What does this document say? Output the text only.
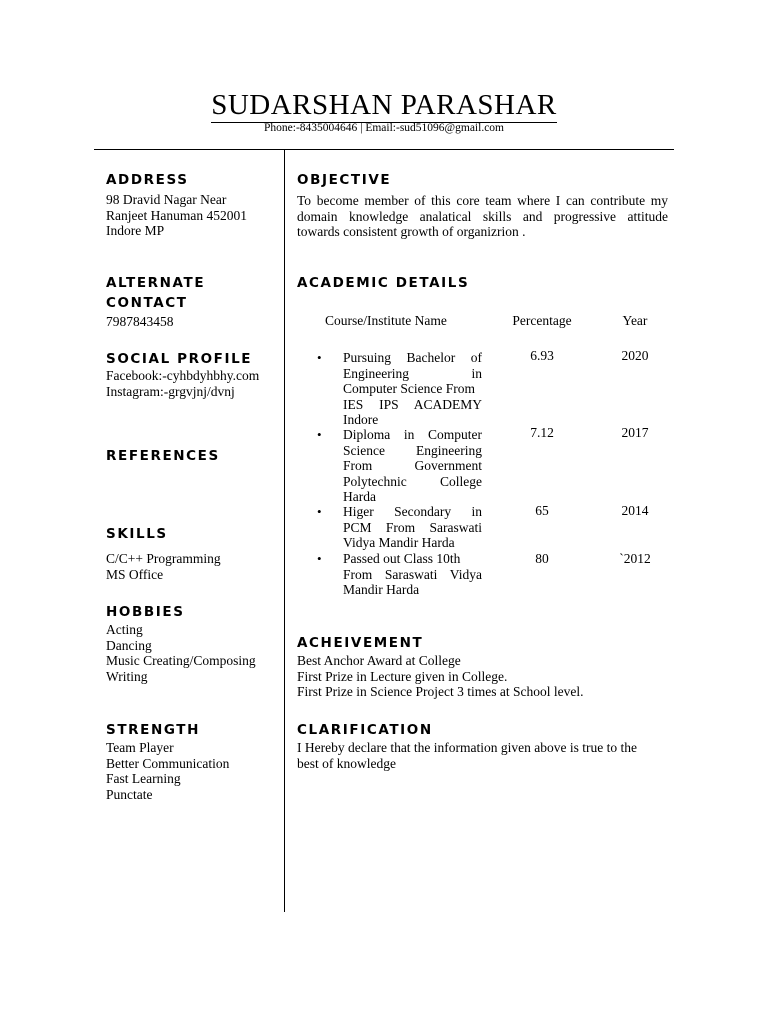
SUDARSHAN PARASHAR
Phone:-8435004646 | Email:-sud51096@gmail.com
ADDRESS
98 Dravid Nagar Near
Ranjeet Hanuman 452001
Indore MP
ALTERNATE
CONTACT
7987843458
SOCIAL PROFILE
Facebook:-cyhbdyhbhy.com
Instagram:-grgvjnj/dvnj
REFERENCES
SKILLS
C/C++ Programming
MS Office
HOBBIES
Acting
Dancing
Music Creating/Composing
Writing
STRENGTH
Team Player
Better Communication
Fast Learning
Punctate
OBJECTIVE
To become member of this core team where I can contribute my
domain knowledge analatical skills and progressive attitude
towards consistent growth of organizrion .
ACADEMIC DETAILS
Course/Institute Name	Percentage	Year
• Pursuing Bachelor of
Engineering in
Computer Science From
IES IPS ACADEMY
Indore
6.93	2020
• Diploma in Computer
Science Engineering
From Government
Polytechnic College
Harda
7.12	2017
• Higer Secondary in
PCM From Saraswati
Vidya Mandir Harda
65	2014
• Passed out Class 10th
From Saraswati Vidya
Mandir Harda
80	`2012
ACHEIVEMENT
Best Anchor Award at College
First Prize in Lecture given in College.
First Prize in Science Project 3 times at School level.
CLARIFICATION
I Hereby declare that the information given above is true to the
best of knowledge
